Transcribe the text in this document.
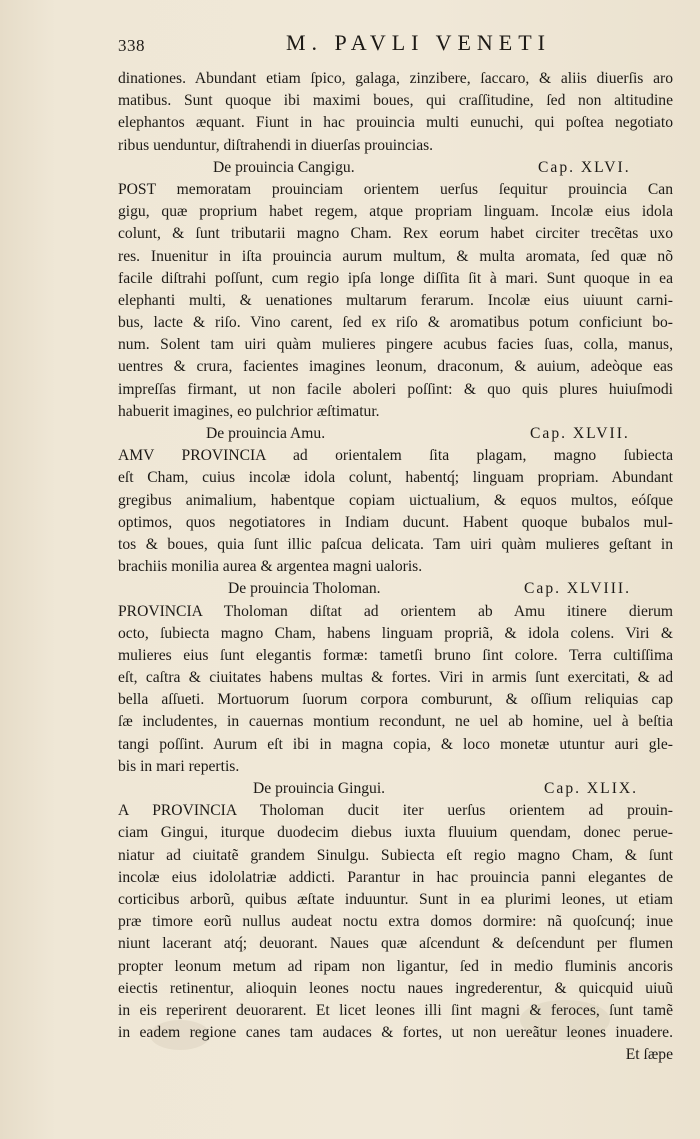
338	M. PAVLI VENETI
dinationes. Abundant etiam ſpico, galaga, zinzibere, ſaccaro, & aliis diuerſis aro
matibus. Sunt quoque ibi maximi boues, qui craſſitudine, ſed non altitudine
elephantos æquant. Fiunt in hac prouincia multi eunuchi, qui poſtea negotiato
ribus uenduntur, diſtrahendi in diuerſas prouincias.
De prouincia Cangigu.	Cap. XLVI.
POST memoratam prouinciam orientem uerſus ſequitur prouincia Can
gigu, quæ proprium habet regem, atque propriam linguam. Incolæ eius idola
colunt, & ſunt tributarii magno Cham. Rex eorum habet circiter trecẽtas uxo
res. Inuenitur in iſta prouincia aurum multum, & multa aromata, ſed quæ nõ
facile diſtrahi poſſunt, cum regio ipſa longe diſſita ſit à mari. Sunt quoque in ea
elephanti multi, & uenationes multarum ferarum. Incolæ eius uiuunt carni-
bus, lacte & riſo. Vino carent, ſed ex riſo & aromatibus potum conficiunt bo-
num. Solent tam uiri quàm mulieres pingere acubus facies ſuas, colla, manus,
uentres & crura, facientes imagines leonum, draconum, & auium, adeòque eas
impreſſas firmant, ut non facile aboleri poſſint: & quo quis plures huiuſmodi
habuerit imagines, eo pulchrior æſtimatur.
De prouincia Amu.	Cap. XLVII.
AMV PROVINCIA ad orientalem ſita plagam, magno ſubiecta
eſt Cham, cuius incolæ idola colunt, habentq́; linguam propriam. Abundant
gregibus animalium, habentque copiam uictualium, & equos multos, eóſque
optimos, quos negotiatores in Indiam ducunt. Habent quoque bubalos mul-
tos & boues, quia ſunt illic paſcua delicata. Tam uiri quàm mulieres geſtant in
brachiis monilia aurea & argentea magni ualoris.
De prouincia Tholoman.	Cap. XLVIII.
PROVINCIA Tholoman diſtat ad orientem ab Amu itinere dierum
octo, ſubiecta magno Cham, habens linguam propriã, & idola colens. Viri &
mulieres eius ſunt elegantis formæ: tametſi bruno ſint colore. Terra cultiſſima
eſt, caſtra & ciuitates habens multas & fortes. Viri in armis ſunt exercitati, & ad
bella aſſueti. Mortuorum ſuorum corpora comburunt, & oſſium reliquias cap
ſæ includentes, in cauernas montium recondunt, ne uel ab homine, uel à beſtia
tangi poſſint. Aurum eſt ibi in magna copia, & loco monetæ utuntur auri gle-
bis in mari repertis.
De prouincia Gingui.	Cap. XLIX.
A PROVINCIA Tholoman ducit iter uerſus orientem ad prouin-
ciam Gingui, iturque duodecim diebus iuxta fluuium quendam, donec perue-
niatur ad ciuitatẽ grandem Sinulgu. Subiecta eſt regio magno Cham, & ſunt
incolæ eius idololatriæ addicti. Parantur in hac prouincia panni elegantes de
corticibus arborũ, quibus æſtate induuntur. Sunt in ea plurimi leones, ut etiam
præ timore eorũ nullus audeat noctu extra domos dormire: nã quoſcunq́; inue
niunt lacerant atq́; deuorant. Naues quæ aſcendunt & deſcendunt per flumen
propter leonum metum ad ripam non ligantur, ſed in medio fluminis ancoris
eiectis retinentur, alioquin leones noctu naues ingrederentur, & quicquid uiuũ
in eis reperirent deuorarent. Et licet leones illi ſint magni & feroces, ſunt tamẽ
in eadem regione canes tam audaces & fortes, ut non uereãtur leones inuadere.
Et ſæpe
